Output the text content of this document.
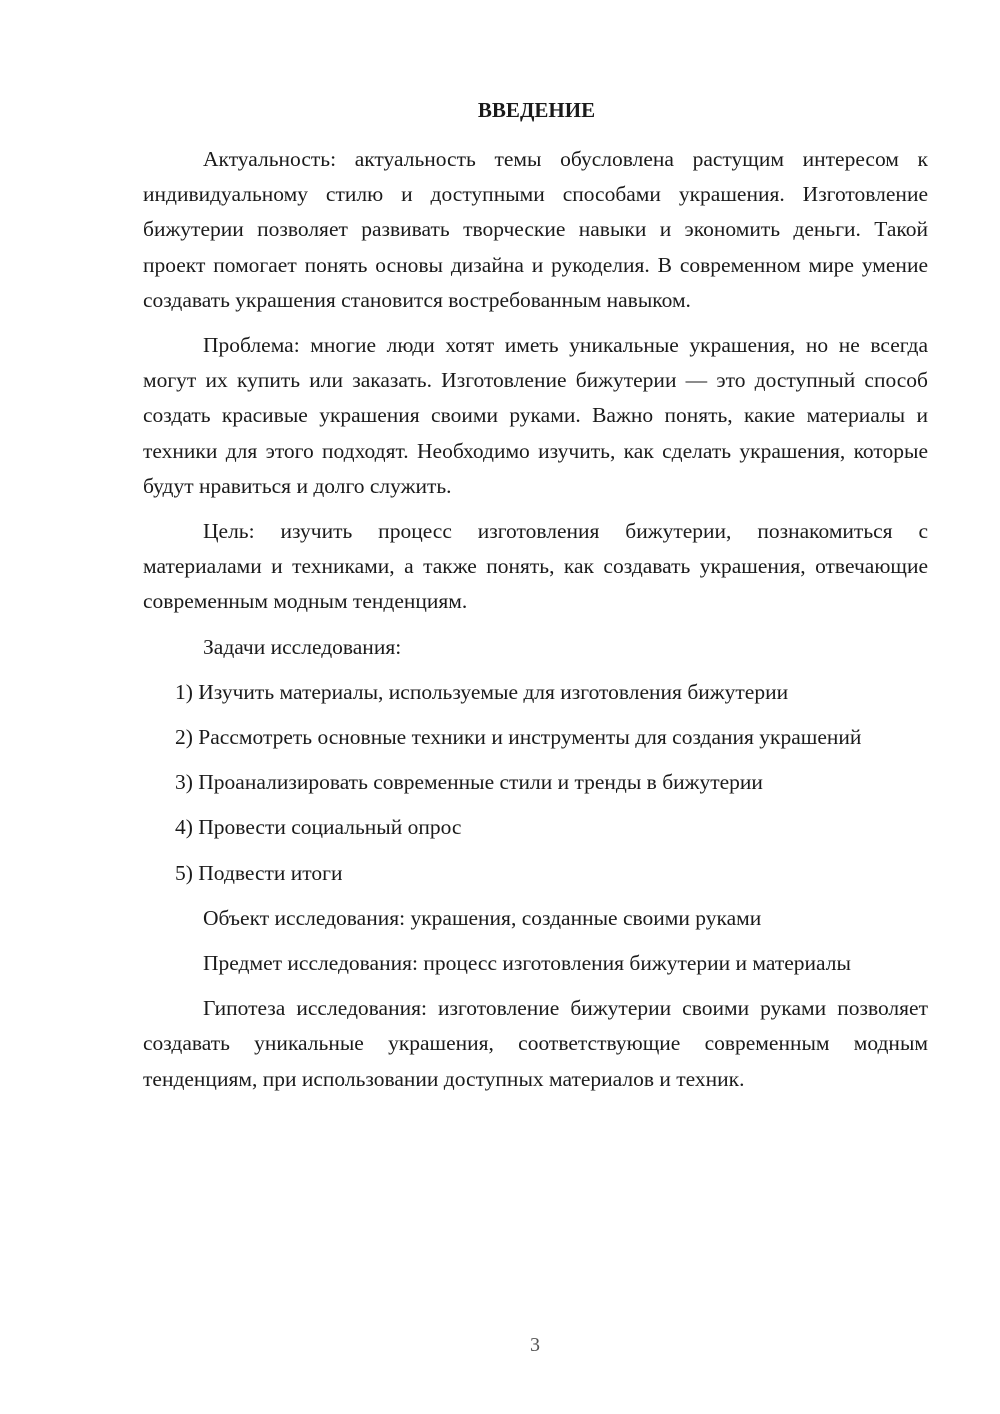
ВВЕДЕНИЕ

Актуальность: актуальность темы обусловлена растущим интересом к индивидуальному стилю и доступными способами украшения. Изготовление бижутерии позволяет развивать творческие навыки и экономить деньги. Такой проект помогает понять основы дизайна и рукоделия. В современном мире умение создавать украшения становится востребованным навыком.

Проблема: многие люди хотят иметь уникальные украшения, но не всегда могут их купить или заказать. Изготовление бижутерии — это доступный способ создать красивые украшения своими руками. Важно понять, какие материалы и техники для этого подходят. Необходимо изучить, как сделать украшения, которые будут нравиться и долго служить.

Цель: изучить процесс изготовления бижутерии, познакомиться с материалами и техниками, а также понять, как создавать украшения, отвечающие современным модным тенденциям.

Задачи исследования:

1) Изучить материалы, используемые для изготовления бижутерии

2) Рассмотреть основные техники и инструменты для создания украшений

3) Проанализировать современные стили и тренды в бижутерии

4) Провести социальный опрос

5) Подвести итоги

Объект исследования: украшения, созданные своими руками

Предмет исследования: процесс изготовления бижутерии и материалы

Гипотеза исследования: изготовление бижутерии своими руками позволяет создавать уникальные украшения, соответствующие современным модным тенденциям, при использовании доступных материалов и техник.

3
